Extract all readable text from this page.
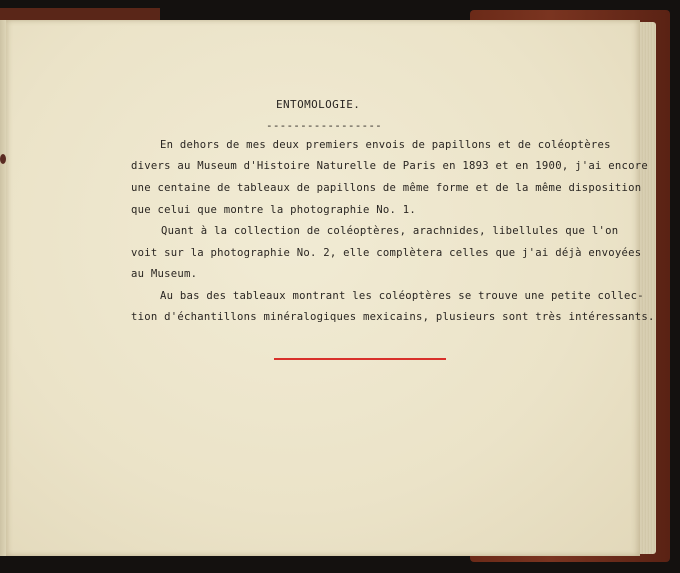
ENTOMOLOGIE.
-----------------
En dehors de mes deux premiers envois de papillons et de coléoptères
divers au Museum d'Histoire Naturelle de Paris en 1893 et en 1900, j'ai encore
une centaine de tableaux de papillons de même forme et de la même disposition
que celui que montre la photographie No. 1.
Quant à la collection de coléoptères, arachnides, libellules que l'on
voit sur la photographie No. 2, elle complètera celles que j'ai déjà envoyées
au Museum.
Au bas des tableaux montrant les coléoptères se trouve une petite collec-
tion d'échantillons minéralogiques mexicains, plusieurs sont très intéressants.
